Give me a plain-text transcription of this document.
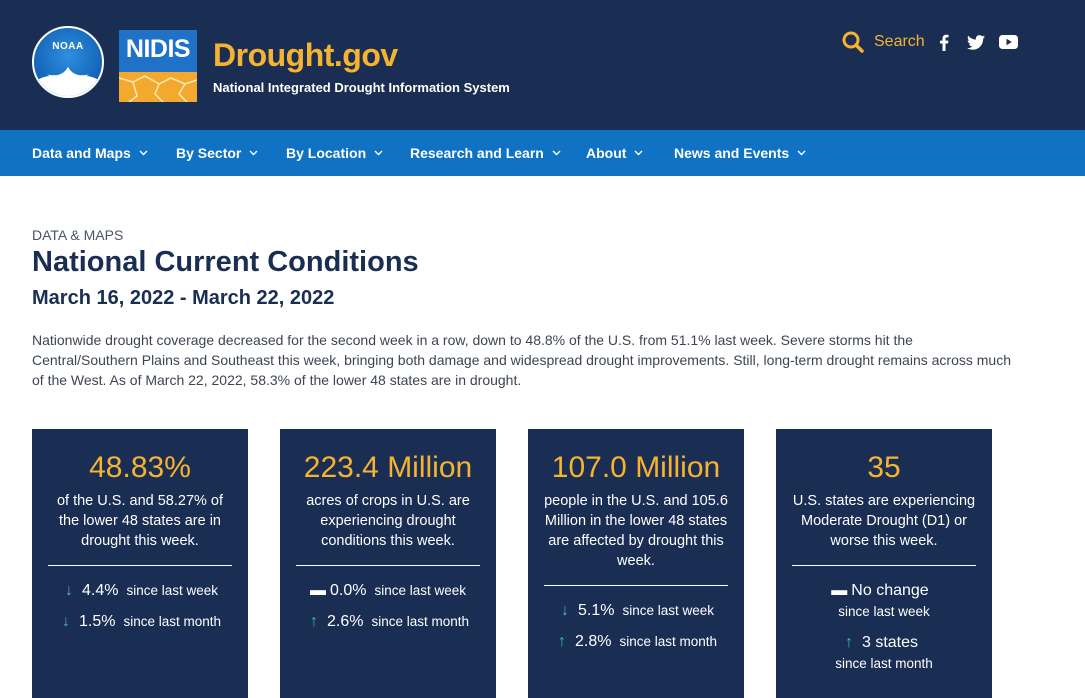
NOAA	NIDIS Drought.gov
National Integrated Drought Information System
Search
Data and Maps	By Sector	By Location	Research and Learn	About	News and Events
DATA & MAPS
National Current Conditions
March 16, 2022 - March 22, 2022

Nationwide drought coverage decreased for the second week in a row, down to 48.8% of the U.S. from 51.1% last week. Severe storms hit the Central/Southern Plains and Southeast this week, bringing both damage and widespread drought improvements. Still, long-term drought remains across much of the West. As of March 22, 2022, 58.3% of the lower 48 states are in drought.

48.83%
of the U.S. and 58.27% of the lower 48 states are in drought this week.
↓ 4.4% since last week
↓ 1.5% since last month
223.4 Million
acres of crops in U.S. are experiencing drought conditions this week.
▬ 0.0% since last week
↑ 2.6% since last month
107.0 Million
people in the U.S. and 105.6 Million in the lower 48 states are affected by drought this week.
↓ 5.1% since last week
↑ 2.8% since last month
35
U.S. states are experiencing Moderate Drought (D1) or worse this week.
▬ No change
since last week
↑ 3 states
since last month
